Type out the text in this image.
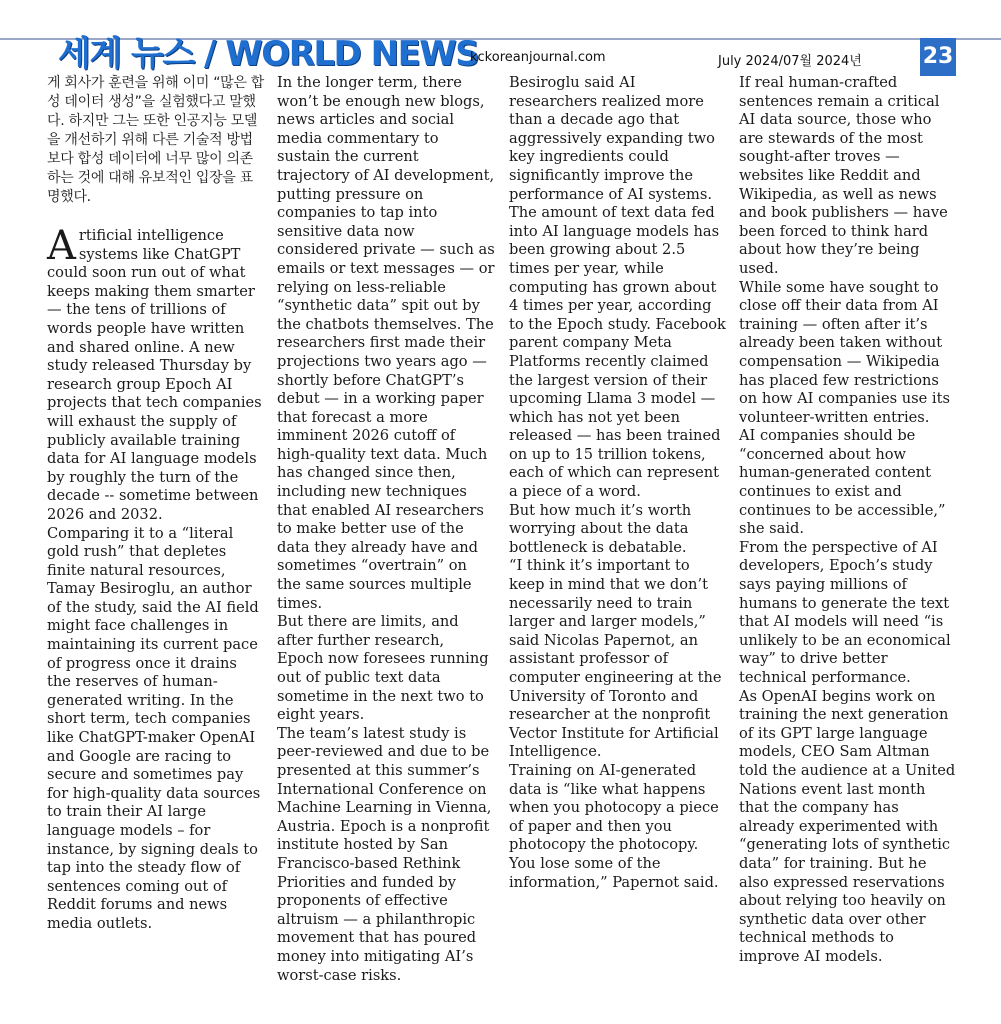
세계 뉴스 / WORLD NEWS
kckoreanjournal.com	July 2024/07월 2024년	23

게 회사가 훈련을 위해 이미 “많은 합성 데이터 생성”을 실험했다고 말했다. 하지만 그는 또한 인공지능 모델을 개선하기 위해 다른 기술적 방법보다 합성 데이터에 너무 많이 의존하는 것에 대해 유보적인 입장을 표명했다.

Artificial intelligence systems like ChatGPT could soon run out of what keeps making them smarter — the tens of trillions of words people have written and shared online. A new study released Thursday by research group Epoch AI projects that tech companies will exhaust the supply of publicly available training data for AI language models by roughly the turn of the decade -- sometime between 2026 and 2032.

Comparing it to a “literal gold rush” that depletes finite natural resources, Tamay Besiroglu, an author of the study, said the AI field might face challenges in maintaining its current pace of progress once it drains the reserves of human-generated writing. In the short term, tech companies like ChatGPT-maker OpenAI and Google are racing to secure and sometimes pay for high-quality data sources to train their AI large language models – for instance, by signing deals to tap into the steady flow of sentences coming out of Reddit forums and news media outlets.

In the longer term, there won’t be enough new blogs, news articles and social media commentary to sustain the current trajectory of AI development, putting pressure on companies to tap into sensitive data now considered private — such as emails or text messages — or relying on less-reliable “synthetic data” spit out by the chatbots themselves. The researchers first made their projections two years ago — shortly before ChatGPT’s debut — in a working paper that forecast a more imminent 2026 cutoff of high-quality text data. Much has changed since then, including new techniques that enabled AI researchers to make better use of the data they already have and sometimes “overtrain” on the same sources multiple times.

But there are limits, and after further research, Epoch now foresees running out of public text data sometime in the next two to eight years.

The team’s latest study is peer-reviewed and due to be presented at this summer’s International Conference on Machine Learning in Vienna, Austria. Epoch is a nonprofit institute hosted by San Francisco-based Rethink Priorities and funded by proponents of effective altruism — a philanthropic movement that has poured money into mitigating AI’s worst-case risks.

Besiroglu said AI researchers realized more than a decade ago that aggressively expanding two key ingredients could significantly improve the performance of AI systems.

The amount of text data fed into AI language models has been growing about 2.5 times per year, while computing has grown about 4 times per year, according to the Epoch study. Facebook parent company Meta Platforms recently claimed the largest version of their upcoming Llama 3 model — which has not yet been released — has been trained on up to 15 trillion tokens, each of which can represent a piece of a word.

But how much it’s worth worrying about the data bottleneck is debatable.

“I think it’s important to keep in mind that we don’t necessarily need to train larger and larger models,” said Nicolas Papernot, an assistant professor of computer engineering at the University of Toronto and researcher at the nonprofit Vector Institute for Artificial Intelligence.

Training on AI-generated data is “like what happens when you photocopy a piece of paper and then you photocopy the photocopy. You lose some of the information,” Papernot said.

If real human-crafted sentences remain a critical AI data source, those who are stewards of the most sought-after troves — websites like Reddit and Wikipedia, as well as news and book publishers — have been forced to think hard about how they’re being used.

While some have sought to close off their data from AI training — often after it’s already been taken without compensation — Wikipedia has placed few restrictions on how AI companies use its volunteer-written entries.

AI companies should be “concerned about how human-generated content continues to exist and continues to be accessible,” she said.

From the perspective of AI developers, Epoch’s study says paying millions of humans to generate the text that AI models will need “is unlikely to be an economical way” to drive better technical performance.

As OpenAI begins work on training the next generation of its GPT large language models, CEO Sam Altman told the audience at a United Nations event last month that the company has already experimented with “generating lots of synthetic data” for training. But he also expressed reservations about relying too heavily on synthetic data over other technical methods to improve AI models.
